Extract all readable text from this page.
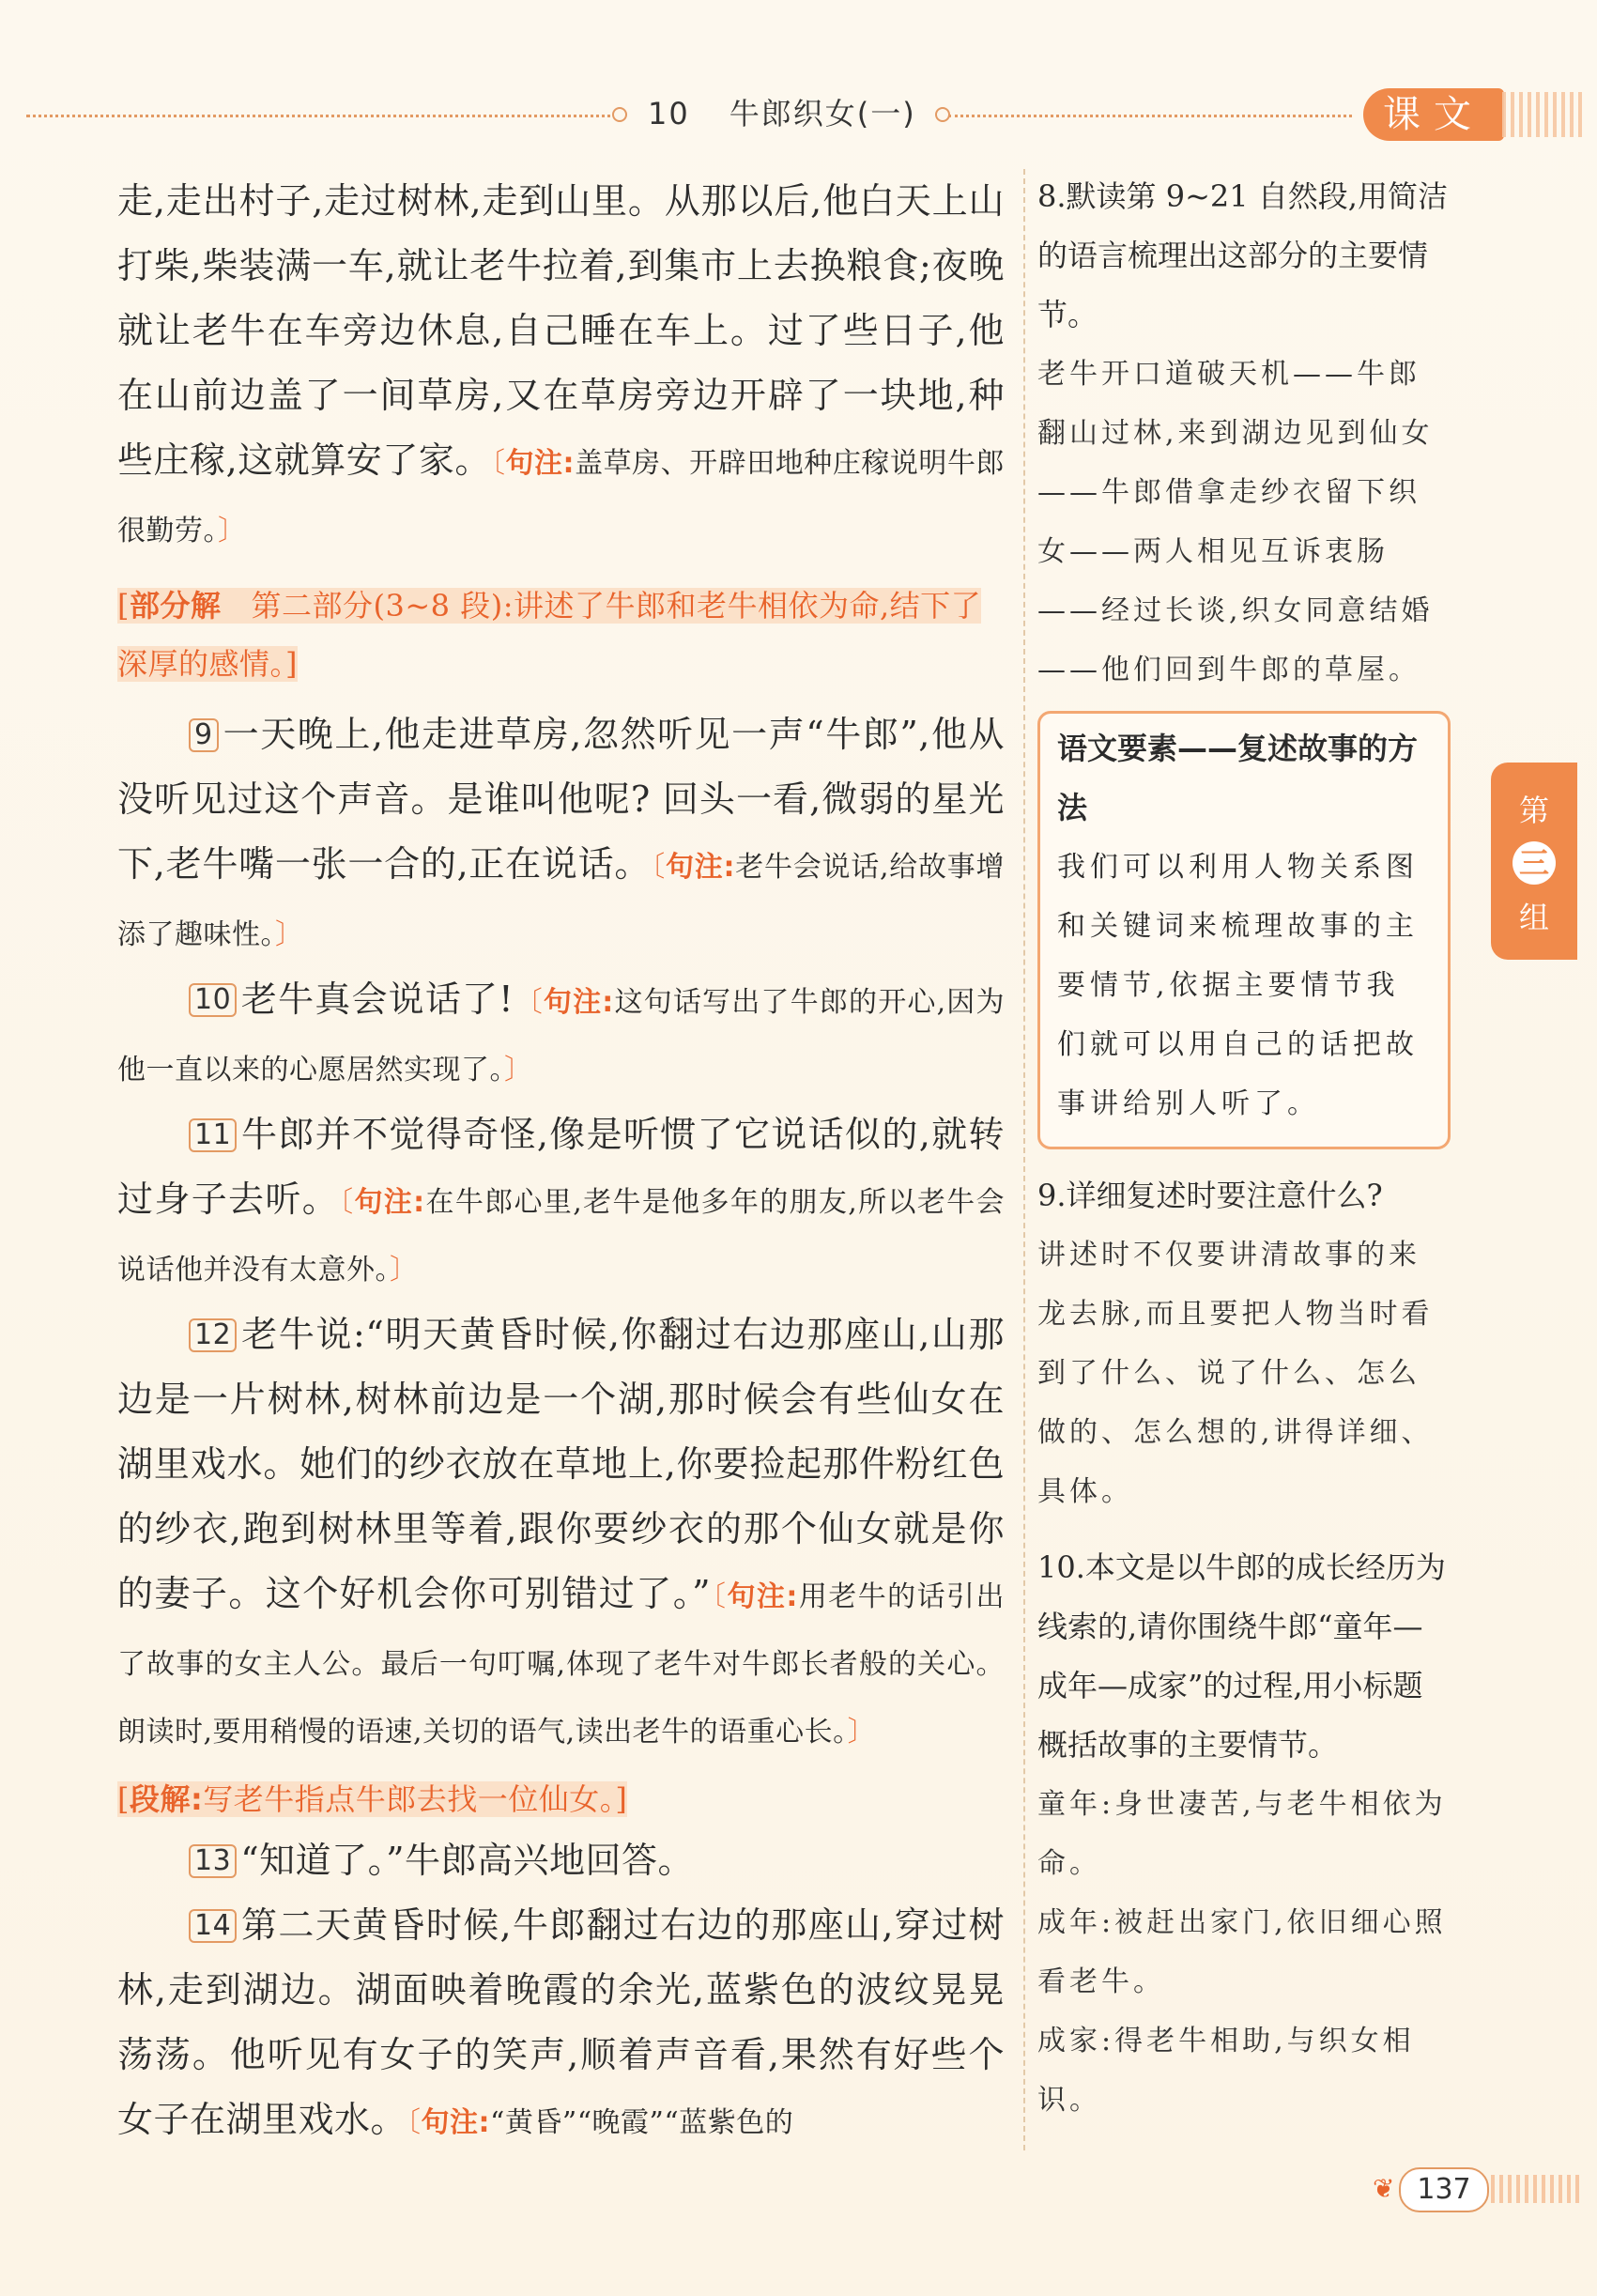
10 牛郎织女(一)	课文
第
三
组

走,走出村子,走过树林,走到山里。从那以后,他白天上山打柴,柴装满一车,就让老牛拉着,到集市上去换粮食;夜晚就让老牛在车旁边休息,自己睡在车上。过了些日子,他在山前边盖了一间草房,又在草房旁边开辟了一块地,种些庄稼,这就算安了家。〔句注:盖草房、开辟田地种庄稼说明牛郎很勤劳。〕

[部分解 第二部分(3~8 段):讲述了牛郎和老牛相依为命,结下了深厚的感情。]

9 一天晚上,他走进草房,忽然听见一声“牛郎”,他从没听见过这个声音。是谁叫他呢? 回头一看,微弱的星光下,老牛嘴一张一合的,正在说话。〔句注:老牛会说话,给故事增添了趣味性。〕

10 老牛真会说话了!〔句注:这句话写出了牛郎的开心,因为他一直以来的心愿居然实现了。〕

11 牛郎并不觉得奇怪,像是听惯了它说话似的,就转过身子去听。〔句注:在牛郎心里,老牛是他多年的朋友,所以老牛会说话他并没有太意外。〕

12 老牛说:“明天黄昏时候,你翻过右边那座山,山那边是一片树林,树林前边是一个湖,那时候会有些仙女在湖里戏水。她们的纱衣放在草地上,你要捡起那件粉红色的纱衣,跑到树林里等着,跟你要纱衣的那个仙女就是你的妻子。这个好机会你可别错过了。”〔句注:用老牛的话引出了故事的女主人公。最后一句叮嘱,体现了老牛对牛郎长者般的关心。朗读时,要用稍慢的语速,关切的语气,读出老牛的语重心长。〕

[段解:写老牛指点牛郎去找一位仙女。]

13 “知道了。”牛郎高兴地回答。

14 第二天黄昏时候,牛郎翻过右边的那座山,穿过树林,走到湖边。湖面映着晚霞的余光,蓝紫色的波纹晃晃荡荡。他听见有女子的笑声,顺着声音看,果然有好些个女子在湖里戏水。〔句注:“黄昏”“晚霞”“蓝紫色的

8.默读第 9~21 自然段,用简洁的语言梳理出这部分的主要情节。

老牛开口道破天机——牛郎翻山过林,来到湖边见到仙女——牛郎借拿走纱衣留下织女——两人相见互诉衷肠——经过长谈,织女同意结婚——他们回到牛郎的草屋。

语文要素——复述故事的方法
我们可以利用人物关系图和关键词来梳理故事的主要情节,依据主要情节我们就可以用自己的话把故事讲给别人听了。

9.详细复述时要注意什么?

讲述时不仅要讲清故事的来龙去脉,而且要把人物当时看到了什么、说了什么、怎么做的、怎么想的,讲得详细、具体。

10.本文是以牛郎的成长经历为线索的,请你围绕牛郎“童年—成年—成家”的过程,用小标题概括故事的主要情节。

童年:身世凄苦,与老牛相依为命。

成年:被赶出家门,依旧细心照看老牛。

成家:得老牛相助,与织女相识。

❦ 137
